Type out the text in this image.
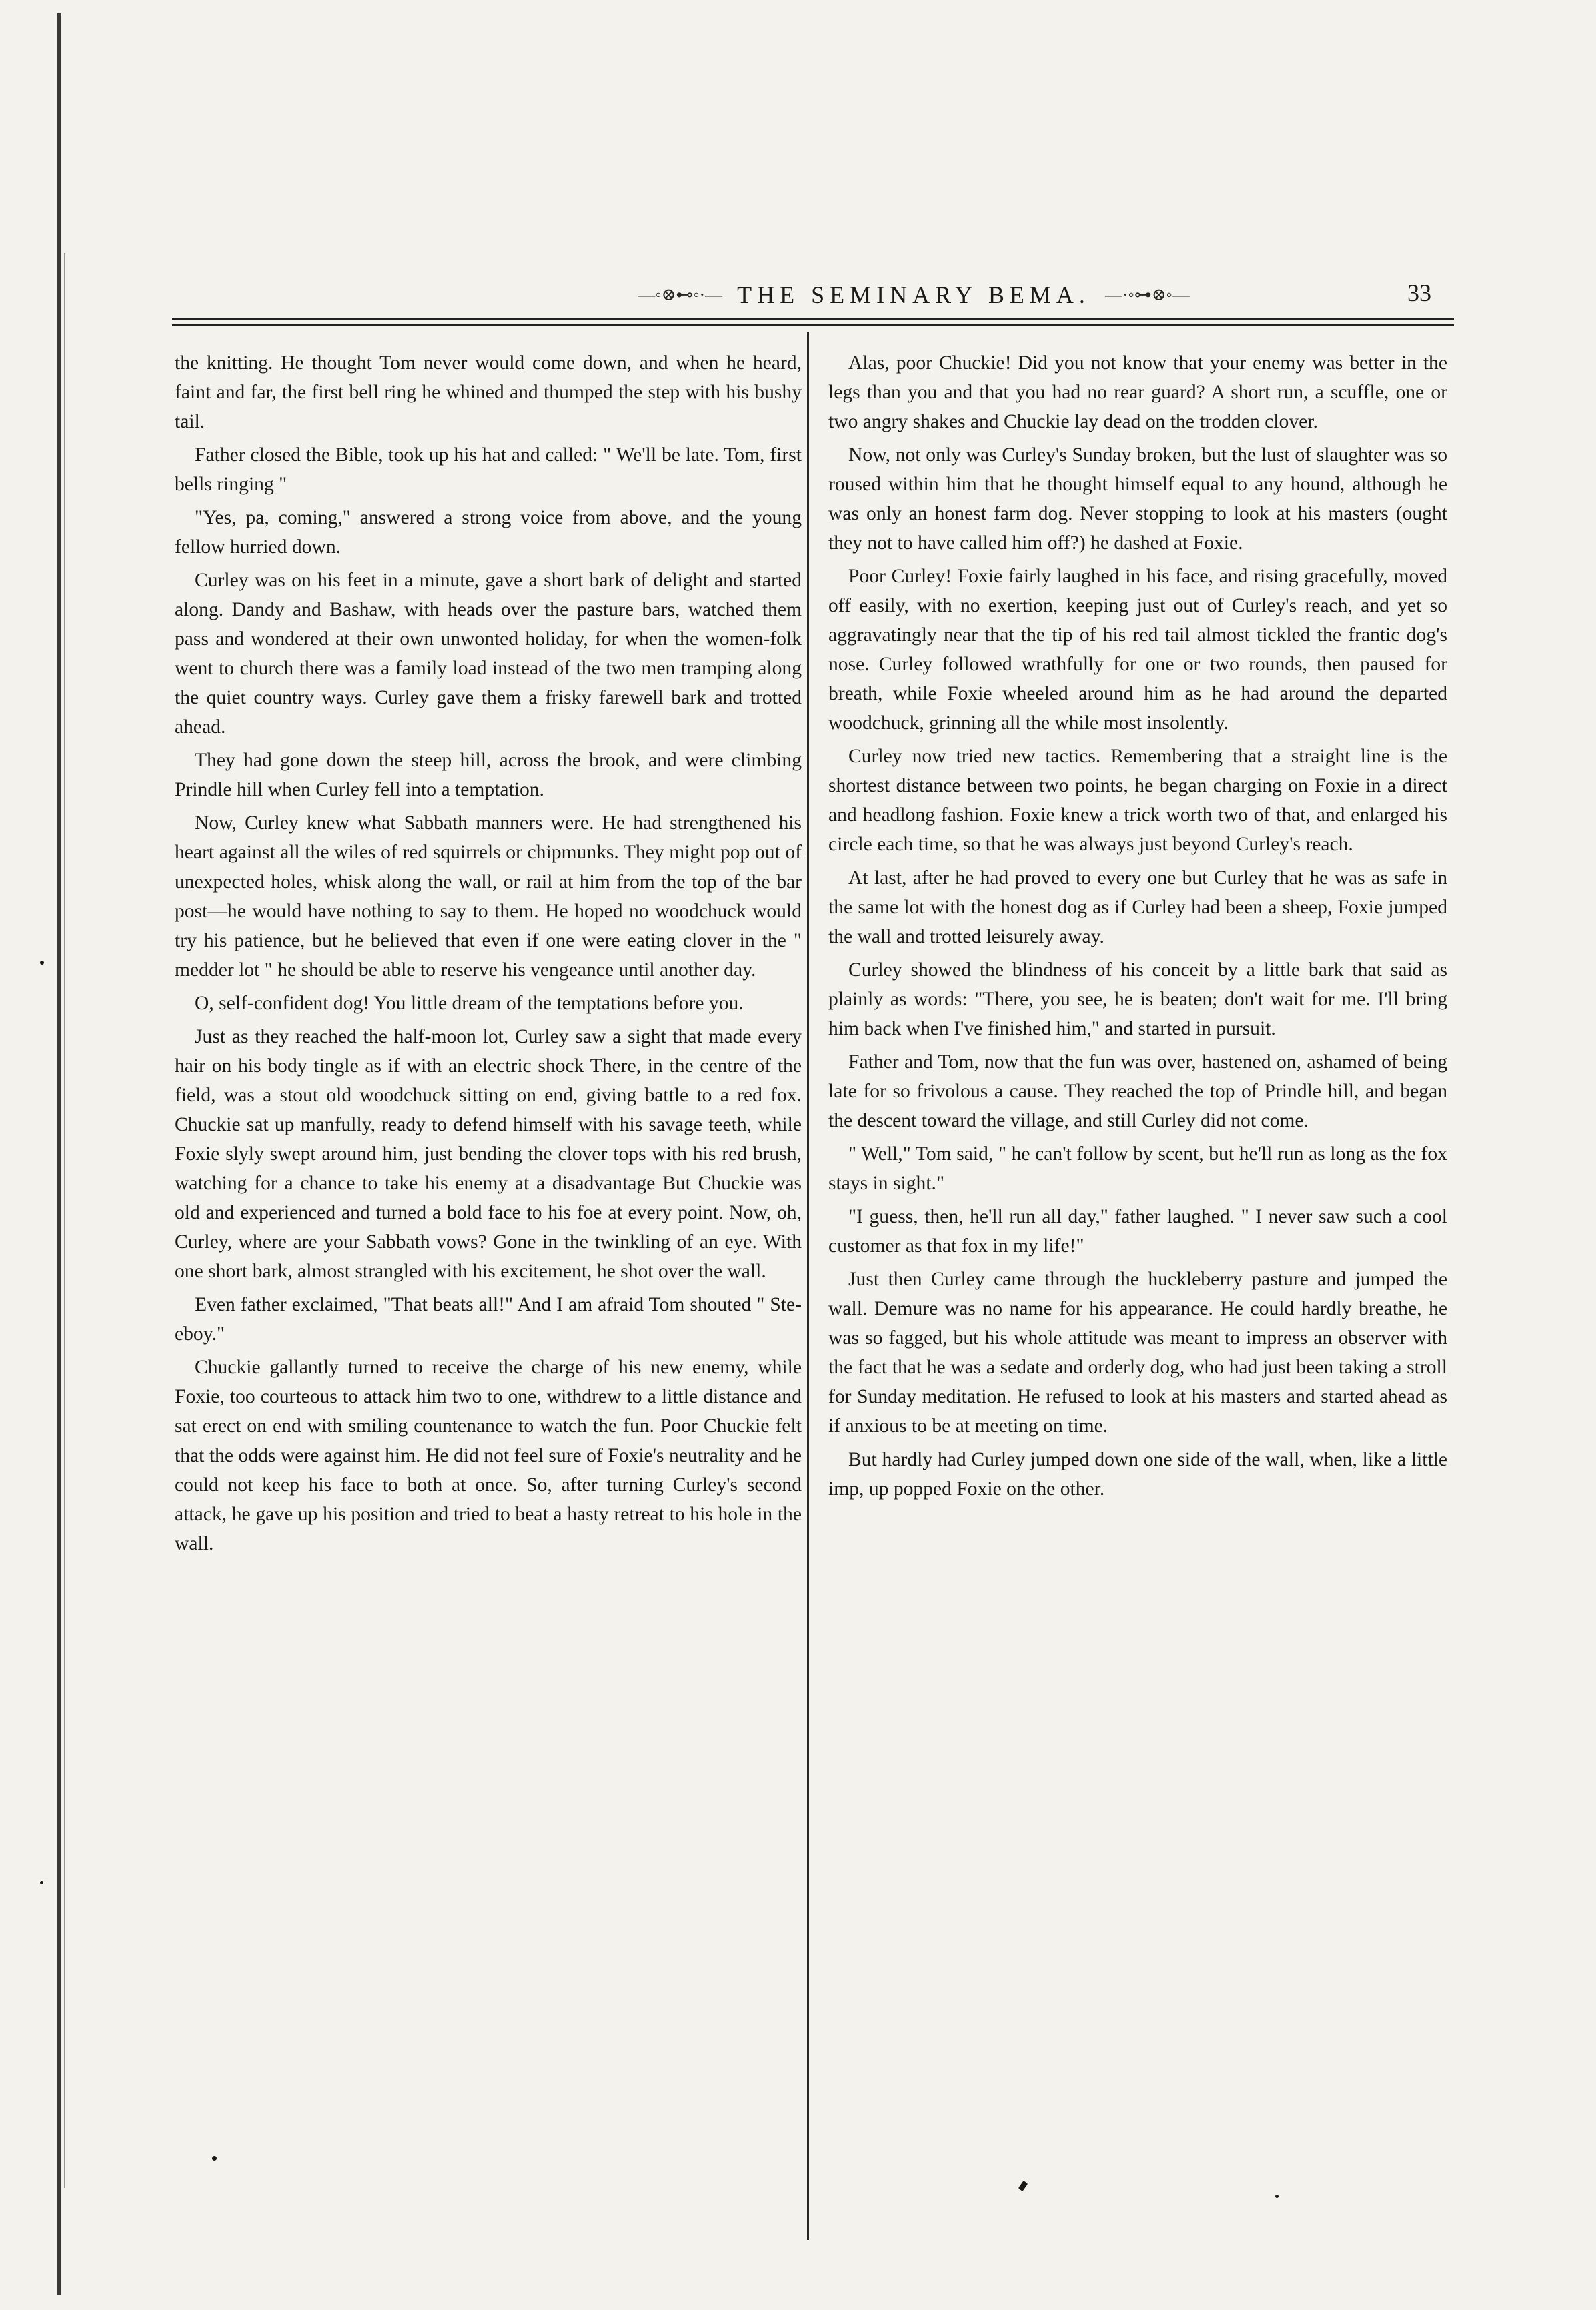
—◦⊗⊷◦·— THE SEMINARY BEMA. —·◦⊶⊗◦—	33

the knitting. He thought Tom never would come down, and when he heard, faint and far, the first bell ring he whined and thumped the step with his bushy tail.

Father closed the Bible, took up his hat and called: " We'll be late. Tom, first bells ringing "

"Yes, pa, coming," answered a strong voice from above, and the young fellow hurried down.

Curley was on his feet in a minute, gave a short bark of delight and started along. Dandy and Bashaw, with heads over the pasture bars, watched them pass and wondered at their own unwonted holiday, for when the women-folk went to church there was a family load instead of the two men tramping along the quiet country ways. Curley gave them a frisky farewell bark and trotted ahead.

They had gone down the steep hill, across the brook, and were climbing Prindle hill when Curley fell into a temptation.

Now, Curley knew what Sabbath manners were. He had strengthened his heart against all the wiles of red squirrels or chipmunks. They might pop out of unexpected holes, whisk along the wall, or rail at him from the top of the bar post—he would have nothing to say to them. He hoped no woodchuck would try his patience, but he believed that even if one were eating clover in the " medder lot " he should be able to reserve his vengeance until another day.

O, self-confident dog! You little dream of the temptations before you.

Just as they reached the half-moon lot, Curley saw a sight that made every hair on his body tingle as if with an electric shock There, in the centre of the field, was a stout old woodchuck sitting on end, giving battle to a red fox. Chuckie sat up manfully, ready to defend himself with his savage teeth, while Foxie slyly swept around him, just bending the clover tops with his red brush, watching for a chance to take his enemy at a disadvantage But Chuckie was old and experienced and turned a bold face to his foe at every point. Now, oh, Curley, where are your Sabbath vows? Gone in the twinkling of an eye. With one short bark, almost strangled with his excitement, he shot over the wall.

Even father exclaimed, "That beats all!" And I am afraid Tom shouted " Ste-eboy."

Chuckie gallantly turned to receive the charge of his new enemy, while Foxie, too courteous to attack him two to one, withdrew to a little distance and sat erect on end with smiling countenance to watch the fun. Poor Chuckie felt that the odds were against him. He did not feel sure of Foxie's neutrality and he could not keep his face to both at once. So, after turning Curley's second attack, he gave up his position and tried to beat a hasty retreat to his hole in the wall.

Alas, poor Chuckie! Did you not know that your enemy was better in the legs than you and that you had no rear guard? A short run, a scuffle, one or two angry shakes and Chuckie lay dead on the trodden clover.

Now, not only was Curley's Sunday broken, but the lust of slaughter was so roused within him that he thought himself equal to any hound, although he was only an honest farm dog. Never stopping to look at his masters (ought they not to have called him off?) he dashed at Foxie.

Poor Curley! Foxie fairly laughed in his face, and rising gracefully, moved off easily, with no exertion, keeping just out of Curley's reach, and yet so aggravatingly near that the tip of his red tail almost tickled the frantic dog's nose. Curley followed wrathfully for one or two rounds, then paused for breath, while Foxie wheeled around him as he had around the departed woodchuck, grinning all the while most insolently.

Curley now tried new tactics. Remembering that a straight line is the shortest distance between two points, he began charging on Foxie in a direct and headlong fashion. Foxie knew a trick worth two of that, and enlarged his circle each time, so that he was always just beyond Curley's reach.

At last, after he had proved to every one but Curley that he was as safe in the same lot with the honest dog as if Curley had been a sheep, Foxie jumped the wall and trotted leisurely away.

Curley showed the blindness of his conceit by a little bark that said as plainly as words: "There, you see, he is beaten; don't wait for me. I'll bring him back when I've finished him," and started in pursuit.

Father and Tom, now that the fun was over, hastened on, ashamed of being late for so frivolous a cause. They reached the top of Prindle hill, and began the descent toward the village, and still Curley did not come.

" Well," Tom said, " he can't follow by scent, but he'll run as long as the fox stays in sight."

"I guess, then, he'll run all day," father laughed. " I never saw such a cool customer as that fox in my life!"

Just then Curley came through the huckleberry pasture and jumped the wall. Demure was no name for his appearance. He could hardly breathe, he was so fagged, but his whole attitude was meant to impress an observer with the fact that he was a sedate and orderly dog, who had just been taking a stroll for Sunday meditation. He refused to look at his masters and started ahead as if anxious to be at meeting on time.

But hardly had Curley jumped down one side of the wall, when, like a little imp, up popped Foxie on the other.
